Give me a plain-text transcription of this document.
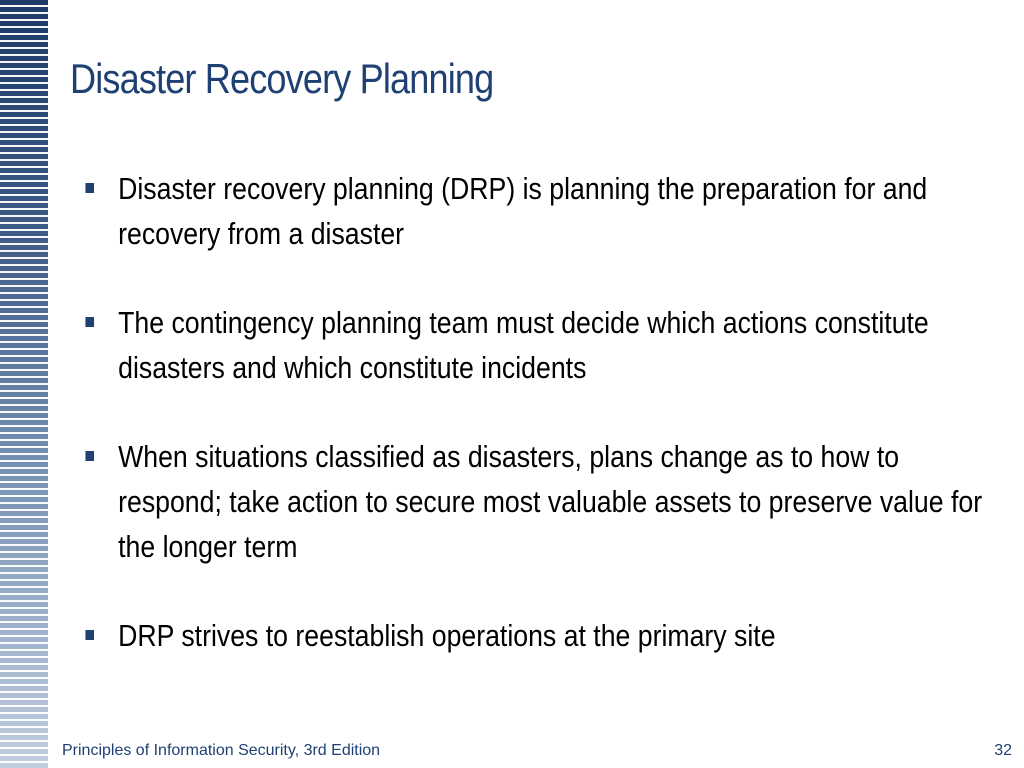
Disaster Recovery Planning
Disaster recovery planning (DRP) is planning the preparation for and recovery from a disaster
The contingency planning team must decide which actions constitute disasters and which constitute incidents
When situations classified as disasters, plans change as to how to respond; take action to secure most valuable assets to preserve value for the longer term
DRP strives to reestablish operations at the primary site
Principles of Information Security, 3rd Edition	32
